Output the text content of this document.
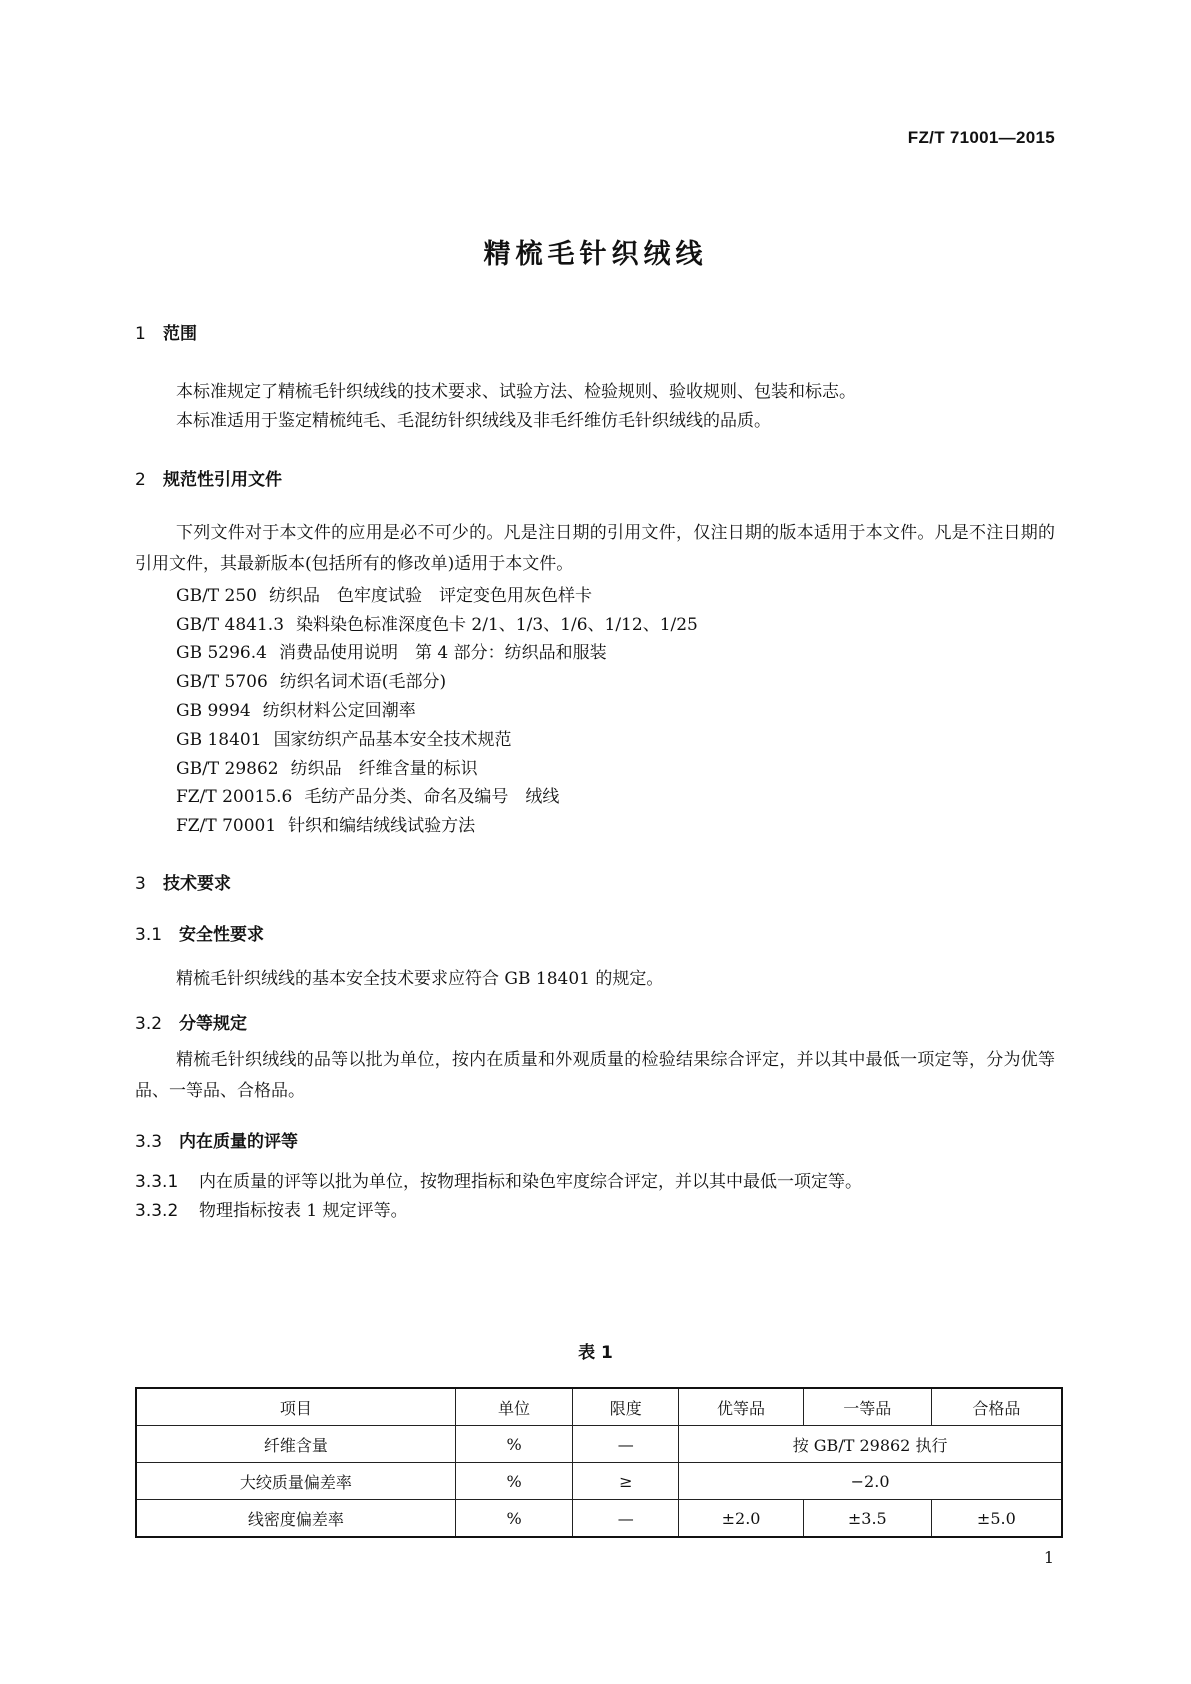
FZ/T 71001—2015
精梳毛针织绒线
1 范围
本标准规定了精梳毛针织绒线的技术要求、试验方法、检验规则、验收规则、包装和标志。
本标准适用于鉴定精梳纯毛、毛混纺针织绒线及非毛纤维仿毛针织绒线的品质。
2 规范性引用文件
下列文件对于本文件的应用是必不可少的。凡是注日期的引用文件，仅注日期的版本适用于本文件。凡是不注日期的引用文件，其最新版本(包括所有的修改单)适用于本文件。
GB/T 250 纺织品　色牢度试验　评定变色用灰色样卡
GB/T 4841.3 染料染色标准深度色卡 2/1、1/3、1/6、1/12、1/25
GB 5296.4 消费品使用说明　第 4 部分：纺织品和服装
GB/T 5706 纺织名词术语(毛部分)
GB 9994 纺织材料公定回潮率
GB 18401 国家纺织产品基本安全技术规范
GB/T 29862 纺织品　纤维含量的标识
FZ/T 20015.6 毛纺产品分类、命名及编号　绒线
FZ/T 70001 针织和编结绒线试验方法
3 技术要求
3.1 安全性要求
精梳毛针织绒线的基本安全技术要求应符合 GB 18401 的规定。
3.2 分等规定
精梳毛针织绒线的品等以批为单位，按内在质量和外观质量的检验结果综合评定，并以其中最低一项定等，分为优等品、一等品、合格品。
3.3 内在质量的评等
3.3.1 内在质量的评等以批为单位，按物理指标和染色牢度综合评定，并以其中最低一项定等。
3.3.2 物理指标按表 1 规定评等。
表 1
项目	单位	限度	优等品	一等品	合格品
纤维含量	%	—	按 GB/T 29862 执行		
大绞质量偏差率	%	≥	−2.0		
线密度偏差率	%	—	±2.0	±3.5	±5.0
1
